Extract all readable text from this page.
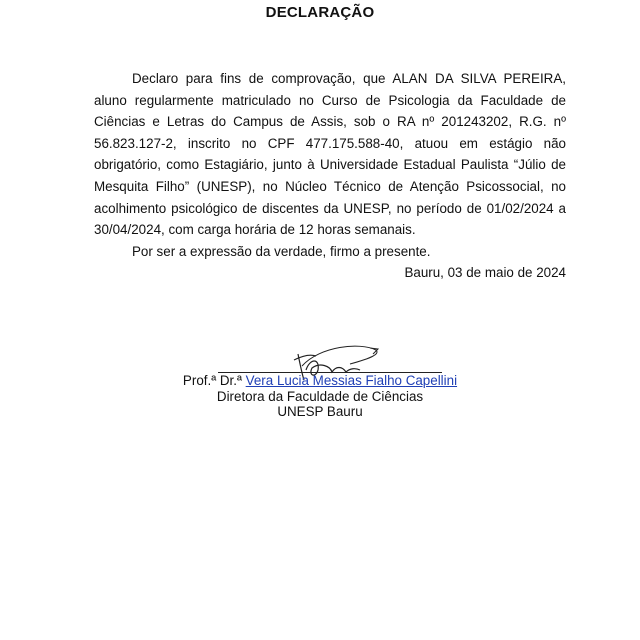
DECLARAÇÃO

Declaro para fins de comprovação, que ALAN DA SILVA PEREIRA, aluno regularmente matriculado no Curso de Psicologia da Faculdade de Ciências e Letras do Campus de Assis, sob o RA nº 201243202, R.G. nº 56.823.127-2, inscrito no CPF 477.175.588-40, atuou em estágio não obrigatório, como Estagiário, junto à Universidade Estadual Paulista “Júlio de Mesquita Filho” (UNESP), no Núcleo Técnico de Atenção Psicossocial, no acolhimento psicológico de discentes da UNESP, no período de 01/02/2024 a 30/04/2024, com carga horária de 12 horas semanais.

Por ser a expressão da verdade, firmo a presente.

Bauru, 03 de maio de 2024

Prof.ª Dr.ª Vera Lucia Messias Fialho Capellini
Diretora da Faculdade de Ciências
UNESP Bauru
